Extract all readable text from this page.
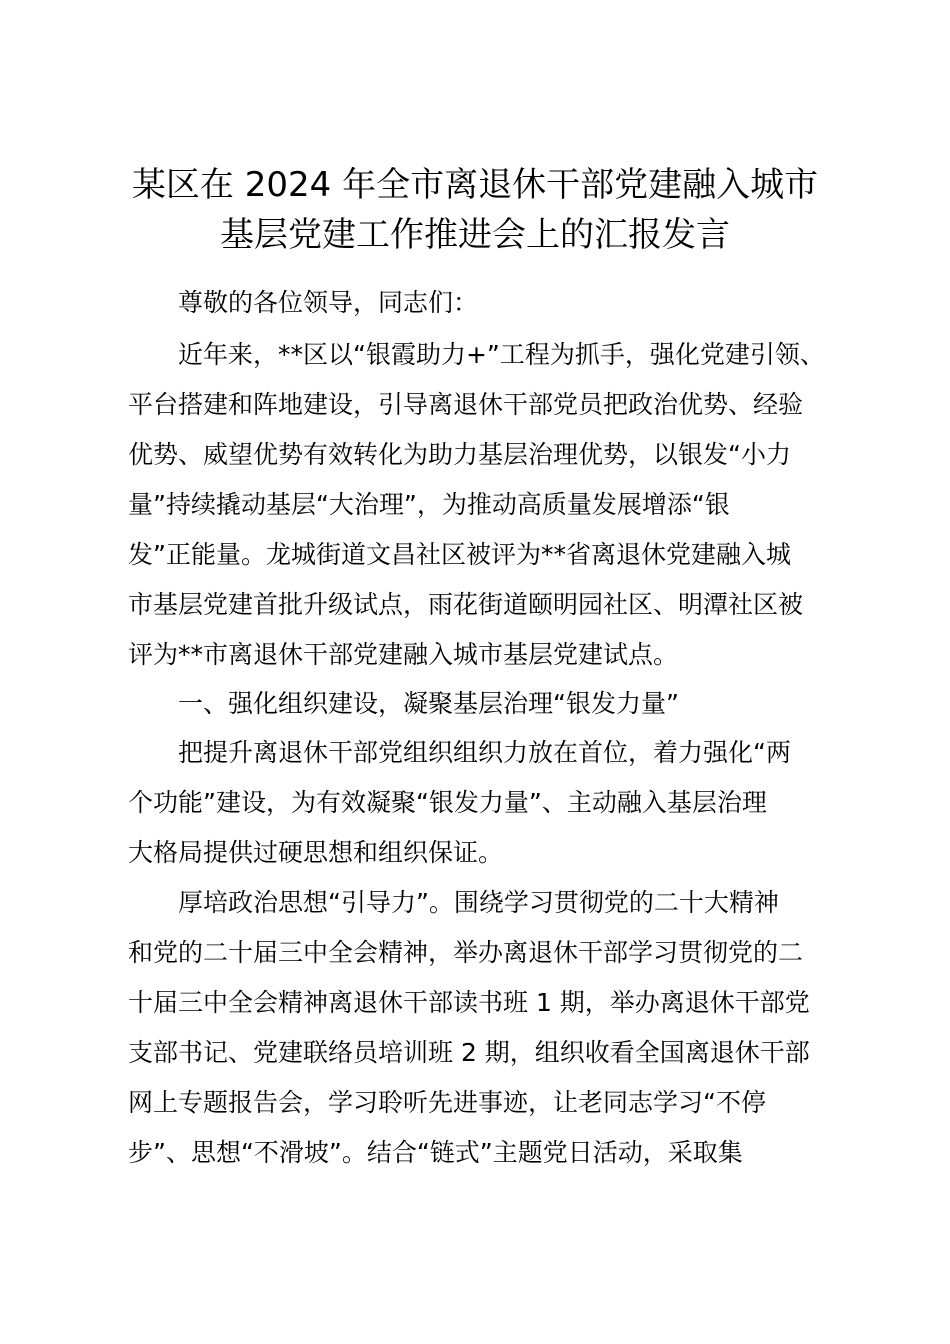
某区在 2024 年全市离退休干部党建融入城市
基层党建工作推进会上的汇报发言
尊敬的各位领导，同志们：
近年来，**区以“银霞助力+”工程为抓手，强化党建引领、
平台搭建和阵地建设，引导离退休干部党员把政治优势、经验
优势、威望优势有效转化为助力基层治理优势，以银发“小力
量”持续撬动基层“大治理”，为推动高质量发展增添“银
发”正能量。龙城街道文昌社区被评为**省离退休党建融入城
市基层党建首批升级试点，雨花街道颐明园社区、明潭社区被
评为**市离退休干部党建融入城市基层党建试点。
一、强化组织建设，凝聚基层治理“银发力量”
把提升离退休干部党组织组织力放在首位，着力强化“两
个功能”建设，为有效凝聚“银发力量”、主动融入基层治理
大格局提供过硬思想和组织保证。
厚培政治思想“引导力”。围绕学习贯彻党的二十大精神
和党的二十届三中全会精神，举办离退休干部学习贯彻党的二
十届三中全会精神离退休干部读书班 1 期，举办离退休干部党
支部书记、党建联络员培训班 2 期，组织收看全国离退休干部
网上专题报告会，学习聆听先进事迹，让老同志学习“不停
步”、思想“不滑坡”。结合“链式”主题党日活动，采取集
